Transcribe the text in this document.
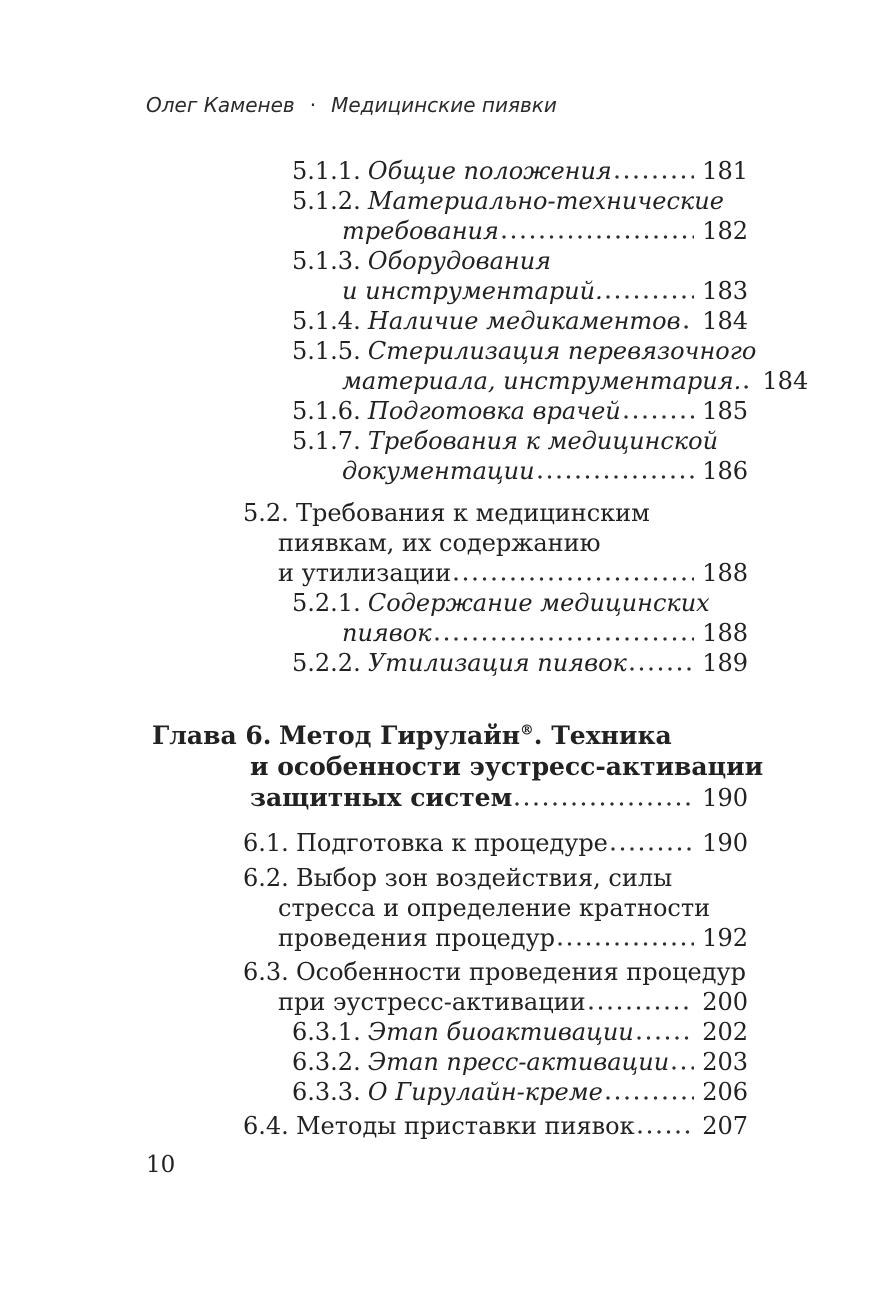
Олег Каменев · Медицинские пиявки
5.1.1. Общие положения	181
5.1.2. Материально-технические
требования	182
5.1.3. Оборудования
и инструментарий.	183
5.1.4. Наличие медикаментов 184
5.1.5. Стерилизация перевязочного
материала, инструментария. 184
5.1.6. Подготовка врачей	185
5.1.7. Требования к медицинской
документации	186
5.2. Требования к медицинским
пиявкам, их содержанию
и утилизации	188
5.2.1. Содержание медицинских
пиявок	188
5.2.2. Утилизация пиявок	189
Глава 6. Метод Гирулайн®. Техника
и особенности эустресс-активации
защитных систем	190
6.1. Подготовка к процедуре	190
6.2. Выбор зон воздействия, силы
стресса и определение кратности
проведения процедур	192
6.3. Особенности проведения процедур
при эустресс-активации	200
6.3.1. Этап биоактивации	202
6.3.2. Этап пресс-активации 203
6.3.3. О Гирулайн-креме	206
6.4. Методы приставки пиявок	207
10
